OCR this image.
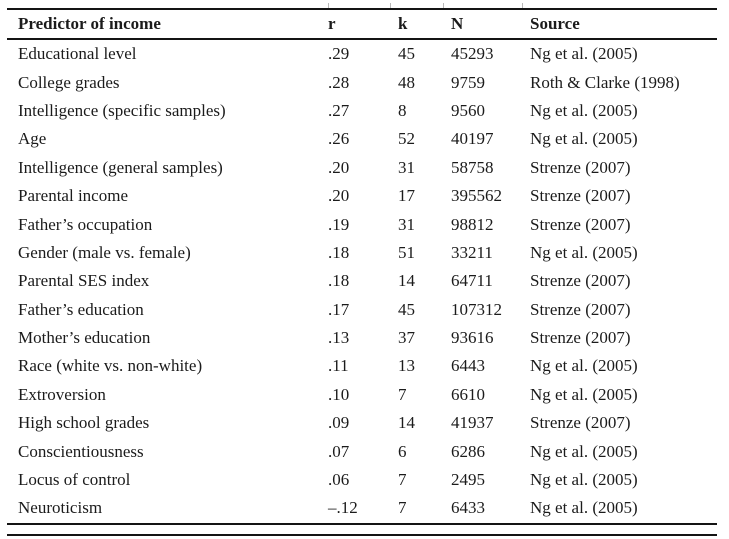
Predictor of income	r	k	N	Source
Educational level	.29	45	45293	Ng et al. (2005)
College grades	.28	48	9759	Roth & Clarke (1998)
Intelligence (specific samples)	.27	8	9560	Ng et al. (2005)
Age	.26	52	40197	Ng et al. (2005)
Intelligence (general samples)	.20	31	58758	Strenze (2007)
Parental income	.20	17	395562	Strenze (2007)
Father’s occupation	.19	31	98812	Strenze (2007)
Gender (male vs. female)	.18	51	33211	Ng et al. (2005)
Parental SES index	.18	14	64711	Strenze (2007)
Father’s education	.17	45	107312	Strenze (2007)
Mother’s education	.13	37	93616	Strenze (2007)
Race (white vs. non-white)	.11	13	6443	Ng et al. (2005)
Extroversion	.10	7	6610	Ng et al. (2005)
High school grades	.09	14	41937	Strenze (2007)
Conscientiousness	.07	6	6286	Ng et al. (2005)
Locus of control	.06	7	2495	Ng et al. (2005)
Neuroticism	–.12	7	6433	Ng et al. (2005)
